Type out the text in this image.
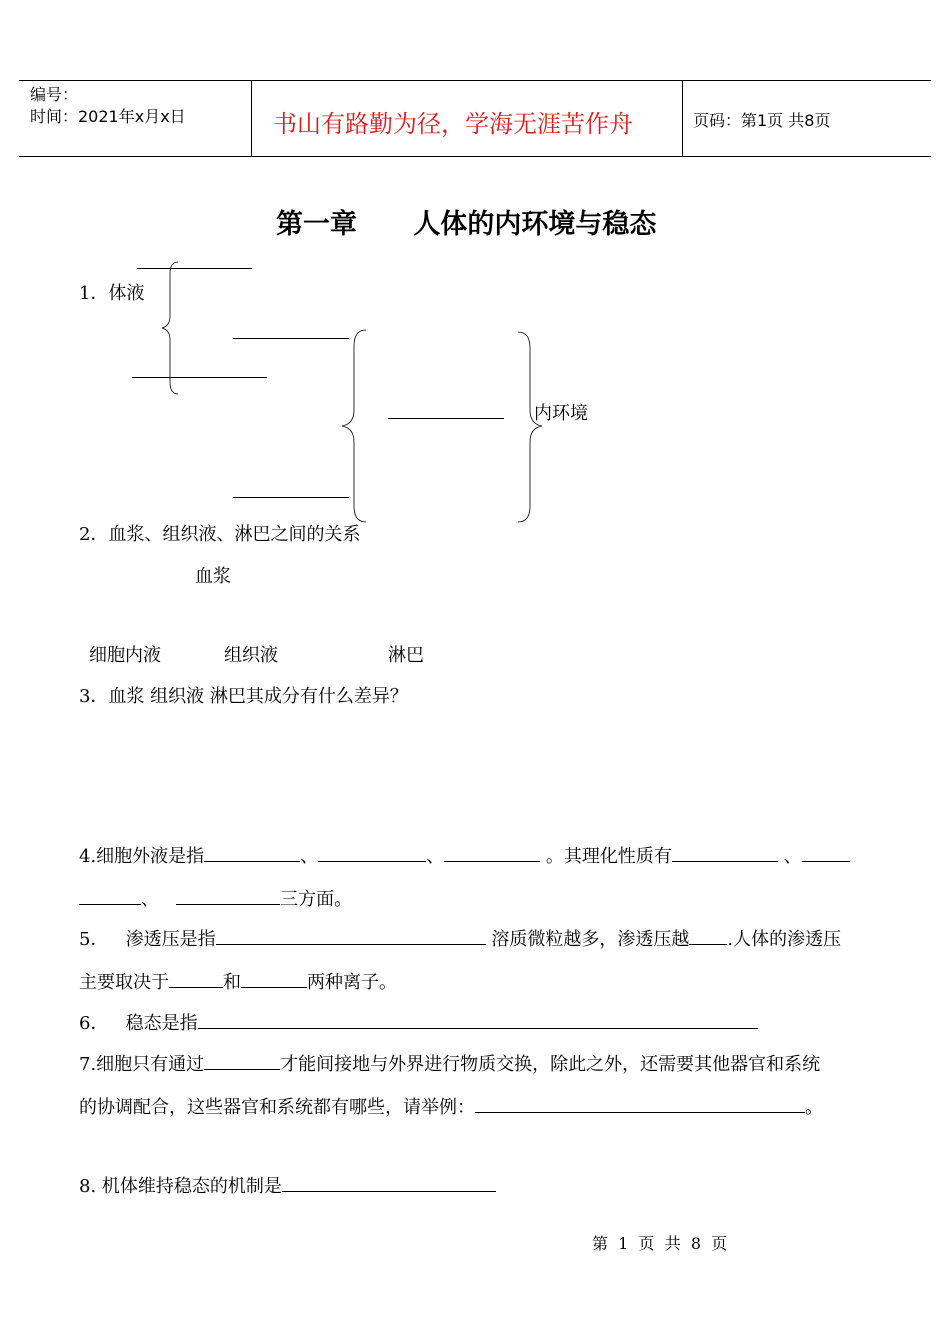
编号：
时间：2021年x月x日	书山有路勤为径，学海无涯苦作舟	页码：第1页 共8页
第一章      人体的内环境与稳态
1．体液
内环境
2．血浆、组织液、淋巴之间的关系
血浆
细胞内液	组织液	淋巴
3．血浆 组织液 淋巴其成分有什么差异？
4.细胞外液是指	、	、	。其理化性质有	、
、	三方面。
5． 渗透压是指	溶质微粒越多，渗透压越 .人体的渗透压
主要取决于	和	两种离子。
6． 稳态是指
7.细胞只有通过	才能间接地与外界进行物质交换，除此之外，还需要其他器官和系统
的协调配合，这些器官和系统都有哪些，请举例：	。
8. 机体维持稳态的机制是
第  1  页  共  8  页
